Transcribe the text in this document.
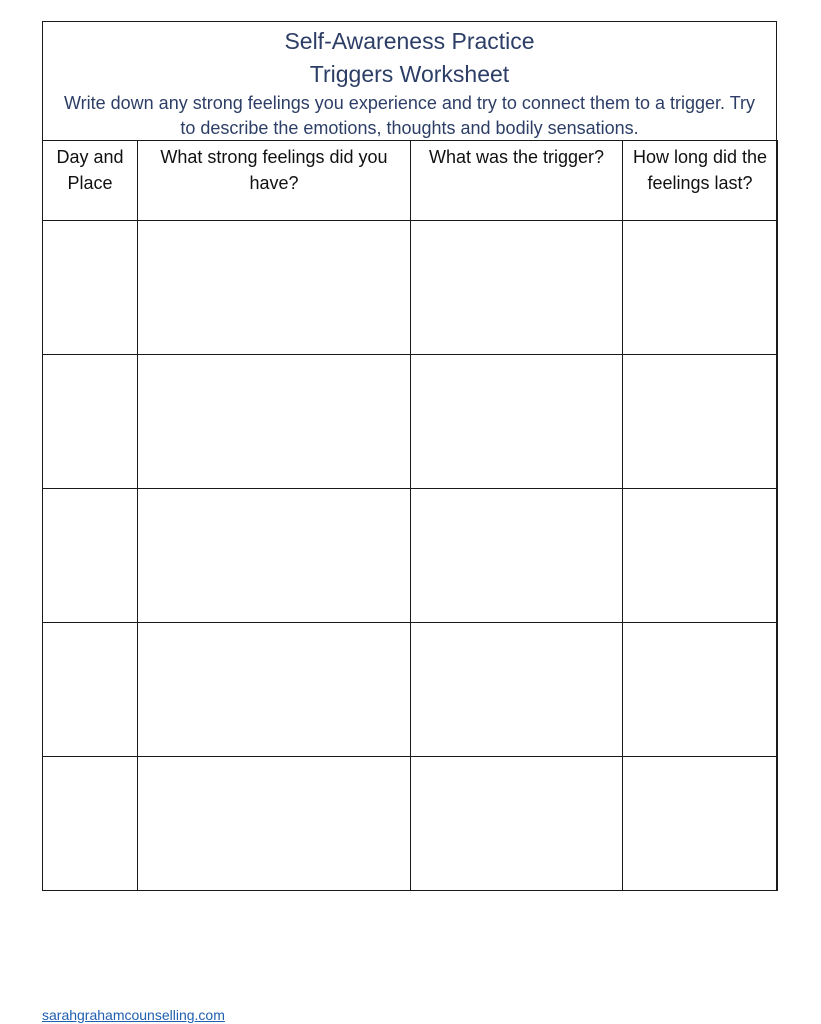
Self-Awareness Practice
Triggers Worksheet
Write down any strong feelings you experience and try to connect them to a trigger. Try to describe the emotions, thoughts and bodily sensations.
Day and Place	What strong feelings did you have?	What was the trigger?	How long did the feelings last?

sarahgrahamcounselling.com
